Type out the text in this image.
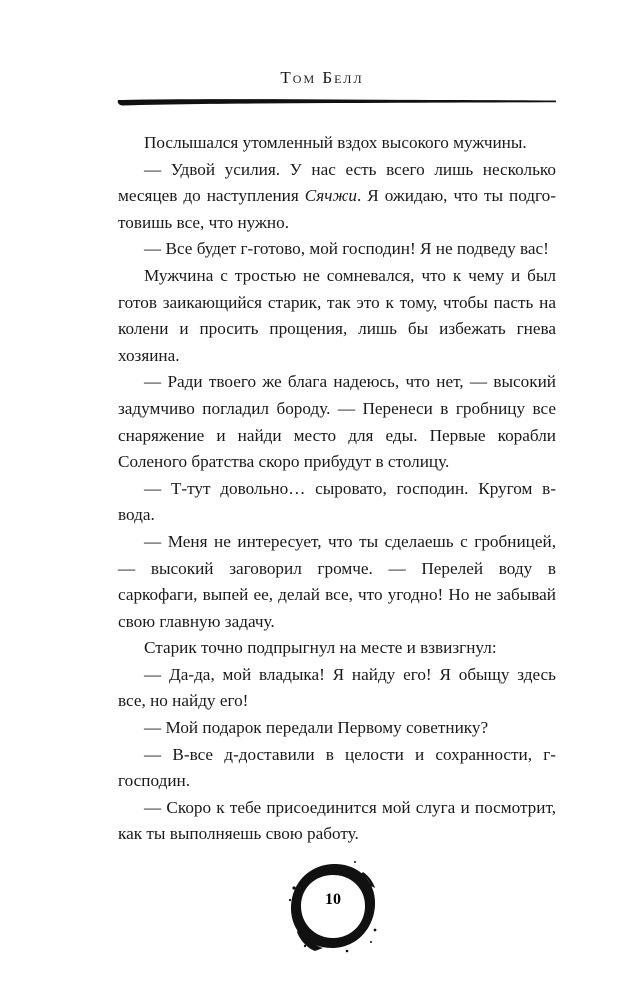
Том Белл

Послышался утомленный вздох высокого мужчины.

— Удвой усилия. У нас есть всего лишь несколько месяцев до наступления Сячжи. Я ожидаю, что ты подготовишь все, что нужно.

— Все будет г-готово, мой господин! Я не подведу вас!

Мужчина с тростью не сомневался, что к чему и был готов заикающийся старик, так это к тому, чтобы пасть на колени и просить прощения, лишь бы избежать гнева хозяина.

— Ради твоего же блага надеюсь, что нет, — высокий задумчиво погладил бороду. — Перенеси в гробницу все снаряжение и найди место для еды. Первые корабли Соленого братства скоро прибудут в столицу.

— Т-тут довольно… сыровато, господин. Кругом в-вода.

— Меня не интересует, что ты сделаешь с гробницей, — высокий заговорил громче. — Перелей воду в саркофаги, выпей ее, делай все, что угодно! Но не забывай свою главную задачу.

Старик точно подпрыгнул на месте и взвизгнул:

— Да-да, мой владыка! Я найду его! Я обыщу здесь все, но найду его!

— Мой подарок передали Первому советнику?

— В-все д-доставили в целости и сохранности, г-господин.

— Скоро к тебе присоединится мой слуга и посмотрит, как ты выполняешь свою работу.

10
